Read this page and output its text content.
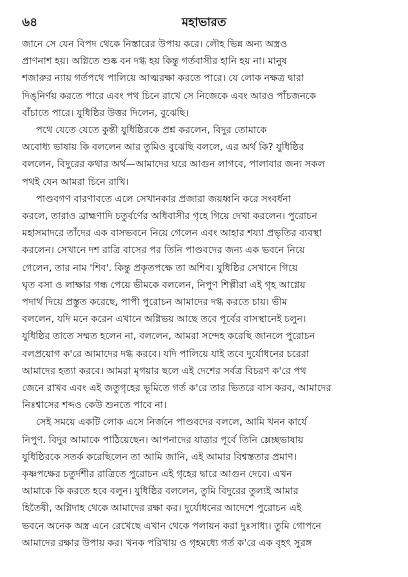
৬৪	মহাভারত

জানে সে যেন বিপদ থেকে নিস্তারের উপায় করে। লৌহ ভিন্ন অন্য অস্ত্রও
প্রাণনাশ হয়। অগ্নিতে শুষ্ক বন দগ্ধ হয় কিন্তু গর্তবাসীর হানি হয় না। মানুষ
শজারুর ন্যায় গর্তপথে পালিয়ে আত্মরক্ষা করতে পারে। যে লোক নক্ষত্র দ্বারা
দিঙ্‌নির্ণয় করতে পারে এবং পথ চিনে রাখে সে নিজেকে এবং আরও পাঁচজনকে
বাঁচাতে পারে। যুধিষ্ঠির উত্তর দিলেন, বুঝেছি।

পথে যেতে যেতে কুন্তী যুধিষ্ঠিরকে প্রশ্ন করলেন, বিদুর তোমাকে
অবোধ্য ভাষায় কি বললেন আর তুমিও বুঝেছি বললে, এর অর্থ কি? যুধিষ্ঠির
বললেন, বিদুরের কথার অর্থ—আমাদের ঘরে আগুন লাগবে, পালাবার জন্য সকল
পথই যেন আমরা চিনে রাখি।

পাণ্ডবগণ বারণাবতে এলে সেখানকার প্রজারা জয়ধ্বনি করে সংবর্ধনা
করলে, তারাও ব্রাহ্মণাদি চতুর্বর্ণের অধিবাসীর গৃহে গিয়ে দেখা করলেন। পুরোচন
মহাসমাদরে তাঁদের এক বাসভবনে নিয়ে গেলেন এবং আহার শয্যা প্রভৃতির ব্যবস্থা
করলেন। সেখানে দশ রাত্রি বাসের পর তিনি পাণ্ডবদের জন্য এক ভবনে নিয়ে
গেলেন, তার নাম 'শিব'. কিন্তু প্রকৃতপক্ষে তা অশিব। যুধিষ্ঠির সেখানে গিয়ে
ঘৃত বসা ও লাক্ষার গন্ধ পেয়ে ভীমকে বললেন, নিপুণ শিল্পীরা এই গৃহ আগ্নেয়
পদার্থ দিয়ে প্রস্তুত করেছে, পাপী পুরোচন আমাদের দগ্ধ করতে চায়। ভীম
বললেন, যদি মনে করেন এখানে অগ্নিভয় আছে তবে পূর্বের বাসস্থানেই চলুন।
যুধিষ্ঠির তাতে সম্মত হলেন না, বললেন, আমরা সন্দেহ করেছি জানলে পুরোচন
বলপ্রয়োগ ক'রে আমাদের দগ্ধ করবে। যদি পালিয়ে যাই তবে দুর্যোধনের চরেরা
আমাদের হত্যা করবে। আমরা মৃগয়ার ছলে এই দেশের সর্বত্র বিচরণ ক'রে পথ
জেনে রাখব এবং এই জতুগৃহের ভূমিতে গর্ত ক'রে তার ভিতরে বাস করব, আমাদের
নিঃশ্বাসের শব্দও কেউ শুনতে পাবে না।

সেই সময়ে একটি লোক এসে নির্জনে পাণ্ডবদের বললে, আমি খনন কার্যে
নিপুণ. বিদুর আমাকে পাঠিয়েছেন। আপনাদের যাত্রার পূর্বে তিনি ম্লেচ্ছভাষায়
যুধিষ্ঠিরকে সতর্ক করেছিলেন তা আমি জানি, এই আমার বিশ্বস্ততার প্রমাণ।
কৃষ্ণপক্ষের চতুর্দশীর রাত্রিতে পুরোচন এই গৃহের দ্বারে আগুন দেবে। এখন
আমাকে কি করতে হবে বলুন। যুধিষ্ঠির বললেন, তুমি বিদুরের তুল্যই আমার
হিতৈষী, অগ্নিদাহ থেকে আমাদের রক্ষা কর। দুর্যোধনের আদেশে পুরোচন এই
ভবনে অনেক অস্ত্র এনে রেখেছে এখান থেকে পলায়ন করা দুঃসাধ্য। তুমি গোপনে
আমাদের রক্ষার উপায় কর। খনক পরিখায় ও গৃহমধ্যে গর্ত ক'রে এক বৃহৎ সুরঙ্গ
